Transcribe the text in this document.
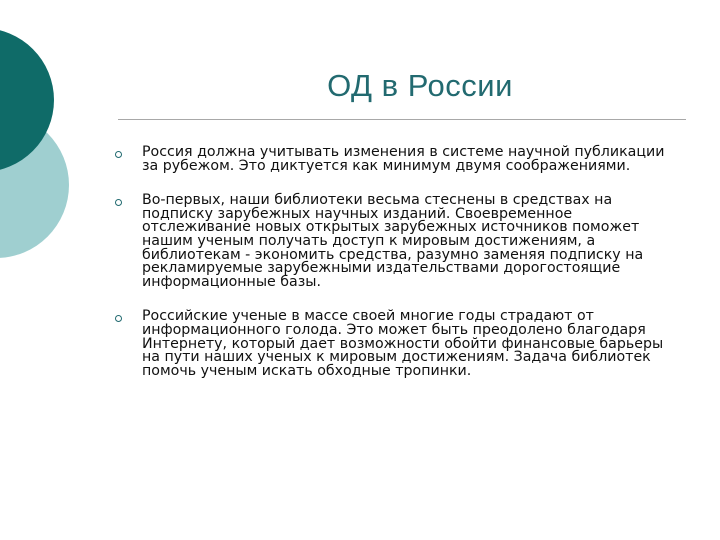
ОД в России
Россия должна учитывать изменения в системе научной публикации за рубежом. Это диктуется как минимум двумя соображениями.
Во-первых, наши библиотеки весьма стеснены в средствах на подписку зарубежных научных изданий. Своевременное отслеживание новых открытых зарубежных источников поможет нашим ученым получать доступ к мировым достижениям, а библиотекам - экономить средства, разумно заменяя подписку на рекламируемые зарубежными издательствами дорогостоящие информационные базы.
Российские ученые в массе своей многие годы страдают от информационного голода. Это может быть преодолено благодаря Интернету, который дает возможности обойти финансовые барьеры на пути наших ученых к мировым достижениям. Задача библиотек помочь ученым искать обходные тропинки.
